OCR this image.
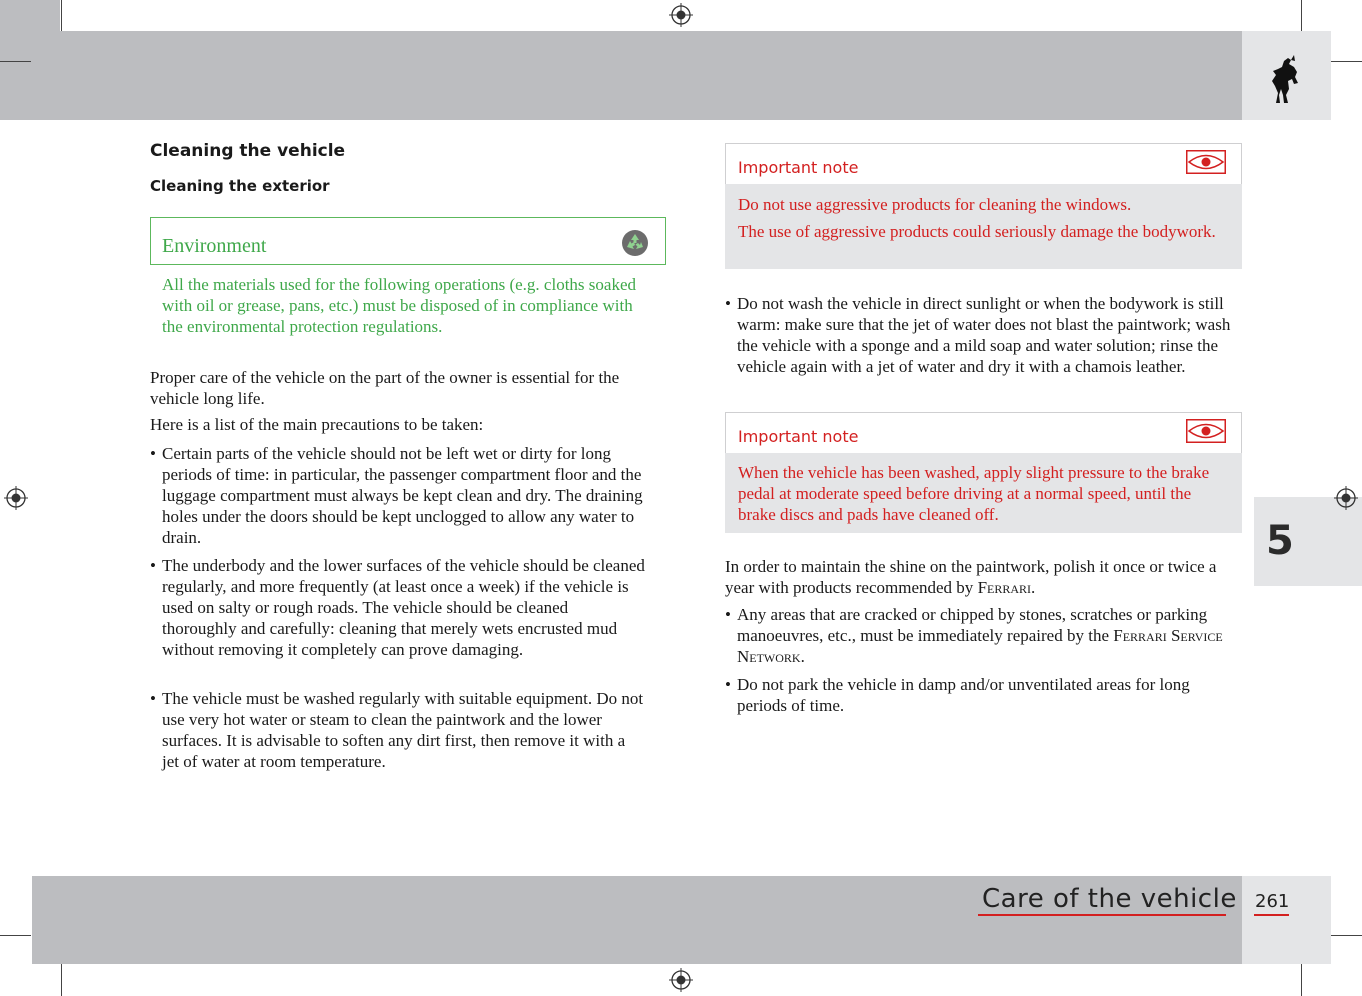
5
Care of the vehicle 261
Cleaning the vehicle
Cleaning the exterior
Environment
All the materials used for the following operations (e.g. cloths soaked with oil or grease, pans, etc.) must be disposed of in compliance with the environmental protection regulations.
Proper care of the vehicle on the part of the owner is essential for the vehicle long life.
Here is a list of the main precautions to be taken:
• Certain parts of the vehicle should not be left wet or dirty for long periods of time: in particular, the passenger compartment floor and the luggage compartment must always be kept clean and dry. The draining holes under the doors should be kept unclogged to allow any water to drain.
• The underbody and the lower surfaces of the vehicle should be cleaned regularly, and more frequently (at least once a week) if the vehicle is used on salty or rough roads. The vehicle should be cleaned thoroughly and carefully: cleaning that merely wets encrusted mud without removing it completely can prove damaging.
• The vehicle must be washed regularly with suitable equipment. Do not use very hot water or steam to clean the paintwork and the lower surfaces. It is advisable to soften any dirt first, then remove it with a jet of water at room temperature.
Important note
Do not use aggressive products for cleaning the windows.
The use of aggressive products could seriously damage the bodywork.
• Do not wash the vehicle in direct sunlight or when the bodywork is still warm: make sure that the jet of water does not blast the paintwork; wash the vehicle with a sponge and a mild soap and water solution; rinse the vehicle again with a jet of water and dry it with a chamois leather.
Important note
When the vehicle has been washed, apply slight pressure to the brake pedal at moderate speed before driving at a normal speed, until the brake discs and pads have cleaned off.
In order to maintain the shine on the paintwork, polish it once or twice a year with products recommended by Ferrari.
• Any areas that are cracked or chipped by stones, scratches or parking manoeuvres, etc., must be immediately repaired by the Ferrari Service Network.
• Do not park the vehicle in damp and/or unventilated areas for long periods of time.
